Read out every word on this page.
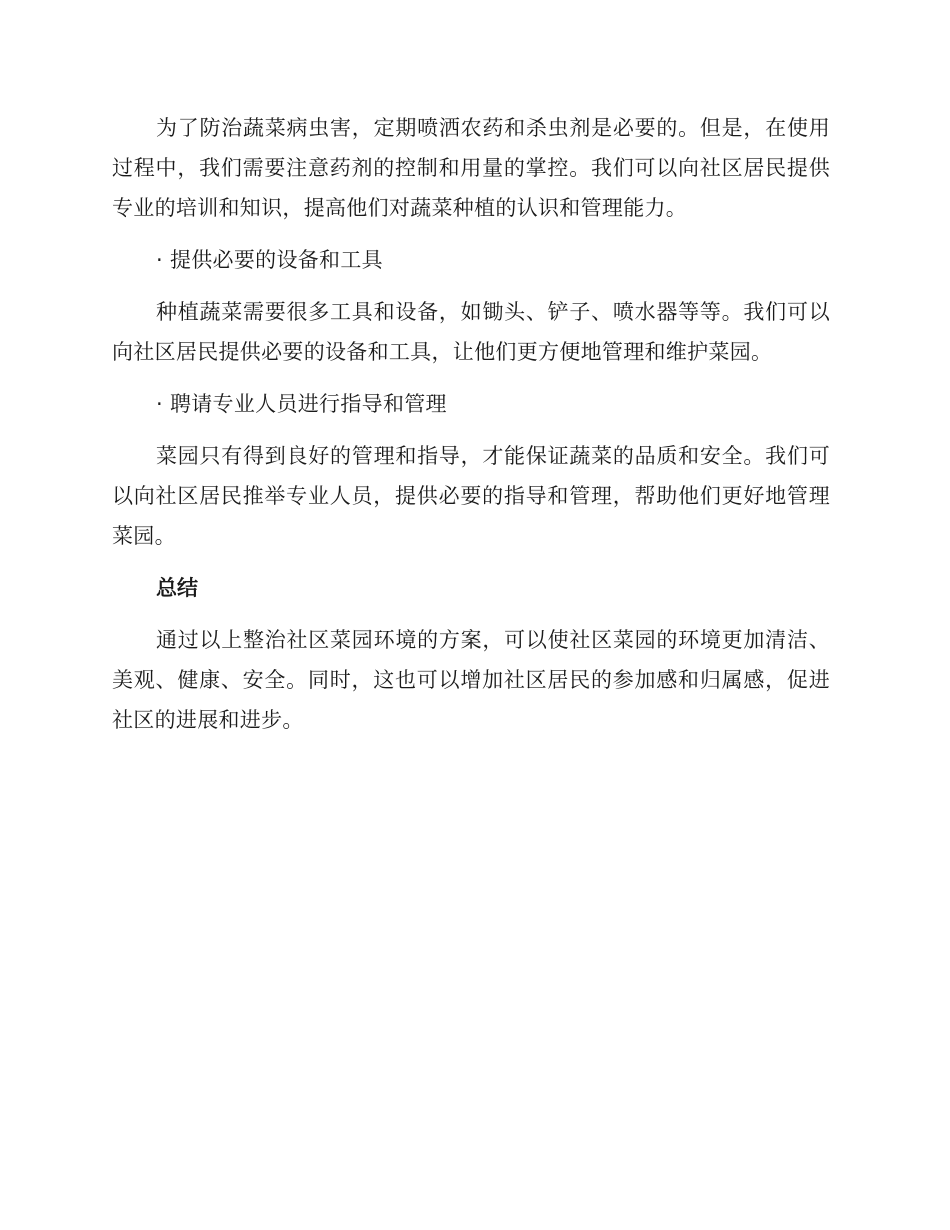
为了防治蔬菜病虫害，定期喷洒农药和杀虫剂是必要的。但是，在使用过程中，我们需要注意药剂的控制和用量的掌控。我们可以向社区居民提供专业的培训和知识，提高他们对蔬菜种植的认识和管理能力。

· 提供必要的设备和工具

种植蔬菜需要很多工具和设备，如锄头、铲子、喷水器等等。我们可以向社区居民提供必要的设备和工具，让他们更方便地管理和维护菜园。

· 聘请专业人员进行指导和管理

菜园只有得到良好的管理和指导，才能保证蔬菜的品质和安全。我们可以向社区居民推举专业人员，提供必要的指导和管理，帮助他们更好地管理菜园。

总结

通过以上整治社区菜园环境的方案，可以使社区菜园的环境更加清洁、美观、健康、安全。同时，这也可以增加社区居民的参加感和归属感，促进社区的进展和进步。
